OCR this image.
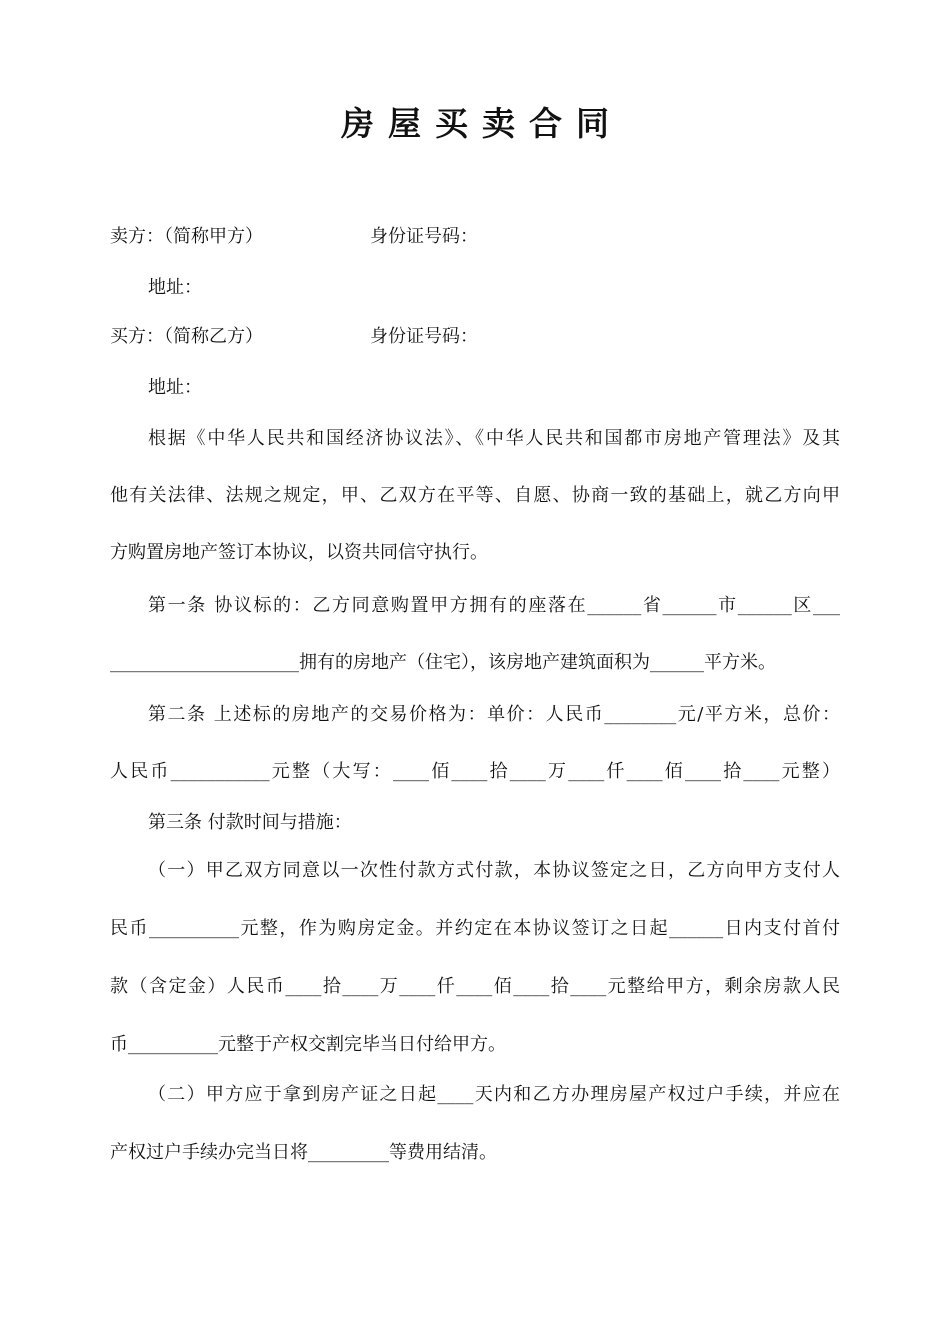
房屋买卖合同
卖方：（简称甲方）	身份证号码：
地址：
买方：（简称乙方）	身份证号码：
地址：
根据《中华人民共和国经济协议法》、《中华人民共和国都市房地产管理法》及其
他有关法律、法规之规定，甲、乙双方在平等、自愿、协商一致的基础上，就乙方向甲
方购置房地产签订本协议，以资共同信守执行。
第一条 协议标的：乙方同意购置甲方拥有的座落在______省______市______区___
_____________________拥有的房地产（住宅），该房地产建筑面积为______平方米。
第二条 上述标的房地产的交易价格为：单价：人民币________元/平方米，总价：
人民币___________元整（大写：____佰____拾____万____仟____佰____拾____元整）
第三条 付款时间与措施：
（一）甲乙双方同意以一次性付款方式付款，本协议签定之日，乙方向甲方支付人
民币__________元整，作为购房定金。并约定在本协议签订之日起______日内支付首付
款（含定金）人民币____拾____万____仟____佰____拾____元整给甲方，剩余房款人民
币__________元整于产权交割完毕当日付给甲方。
（二）甲方应于拿到房产证之日起____天内和乙方办理房屋产权过户手续，并应在
产权过户手续办完当日将_________等费用结清。
